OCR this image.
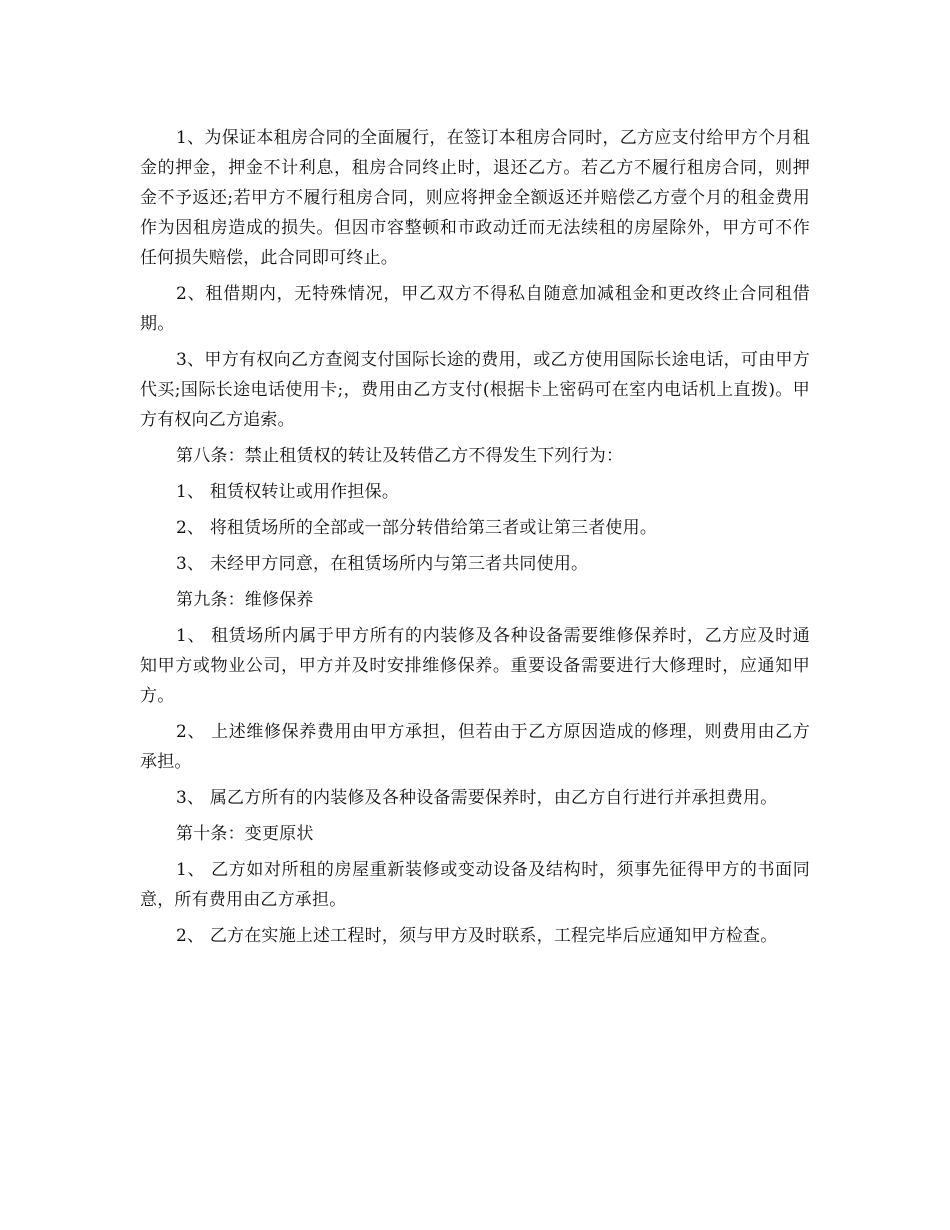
1、为保证本租房合同的全面履行，在签订本租房合同时，乙方应支付给甲方个月租金的押金，押金不计利息，租房合同终止时，退还乙方。若乙方不履行租房合同，则押金不予返还;若甲方不履行租房合同，则应将押金全额返还并赔偿乙方壹个月的租金费用作为因租房造成的损失。但因市容整顿和市政动迁而无法续租的房屋除外，甲方可不作任何损失赔偿，此合同即可终止。

2、租借期内，无特殊情况，甲乙双方不得私自随意加减租金和更改终止合同租借期。

3、甲方有权向乙方查阅支付国际长途的费用，或乙方使用国际长途电话，可由甲方代买;国际长途电话使用卡;，费用由乙方支付(根据卡上密码可在室内电话机上直拨)。甲方有权向乙方追索。

第八条：禁止租赁权的转让及转借乙方不得发生下列行为：

1、 租赁权转让或用作担保。

2、 将租赁场所的全部或一部分转借给第三者或让第三者使用。

3、 未经甲方同意，在租赁场所内与第三者共同使用。

第九条：维修保养

1、 租赁场所内属于甲方所有的内装修及各种设备需要维修保养时，乙方应及时通知甲方或物业公司，甲方并及时安排维修保养。重要设备需要进行大修理时，应通知甲方。

2、 上述维修保养费用由甲方承担，但若由于乙方原因造成的修理，则费用由乙方承担。

3、 属乙方所有的内装修及各种设备需要保养时，由乙方自行进行并承担费用。

第十条：变更原状

1、 乙方如对所租的房屋重新装修或变动设备及结构时，须事先征得甲方的书面同意，所有费用由乙方承担。

2、 乙方在实施上述工程时，须与甲方及时联系，工程完毕后应通知甲方检查。
